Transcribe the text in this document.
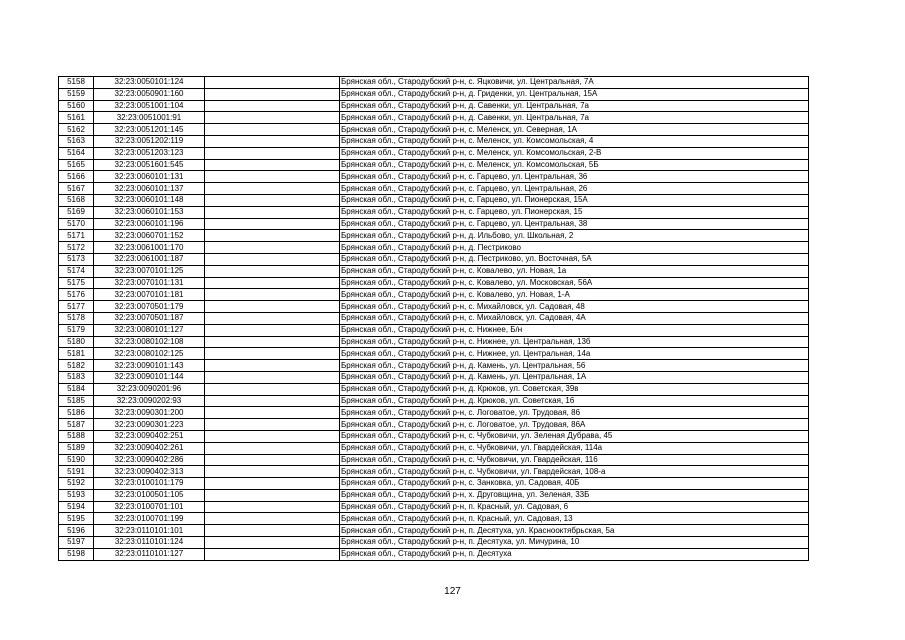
5158	32:23:0050101:124		Брянская обл., Стародубский р-н, с. Яцковичи, ул. Центральная, 7А
5159	32:23:0050901:160		Брянская обл., Стародубский р-н, д. Гриденки, ул. Центральная, 15А
5160	32:23:0051001:104		Брянская обл., Стародубский р-н, д. Савенки, ул. Центральная, 7а
5161	32:23:0051001:91		Брянская обл., Стародубский р-н, д. Савенки, ул. Центральная, 7а
5162	32:23:0051201:145		Брянская обл., Стародубский р-н, с. Меленск, ул. Северная, 1А
5163	32:23:0051202:119		Брянская обл., Стародубский р-н, с. Меленск, ул. Комсомольская, 4
5164	32:23:0051203:123		Брянская обл., Стародубский р-н, с. Меленск, ул. Комсомольская, 2-В
5165	32:23:0051601:545		Брянская обл., Стародубский р-н, с. Меленск, ул. Комсомольская, 5Б
5166	32:23:0060101:131		Брянская обл., Стародубский р-н, с. Гарцево, ул. Центральная, 36
5167	32:23:0060101:137		Брянская обл., Стародубский р-н, с. Гарцево, ул. Центральная, 26
5168	32:23:0060101:148		Брянская обл., Стародубский р-н, с. Гарцево, ул. Пионерская, 15А
5169	32:23:0060101:153		Брянская обл., Стародубский р-н, с. Гарцево, ул. Пионерская, 15
5170	32:23:0060101:196		Брянская обл., Стародубский р-н, с. Гарцево, ул. Центральная, 38
5171	32:23:0060701:152		Брянская обл., Стародубский р-н, д. Ильбово, ул. Школьная, 2
5172	32:23:0061001:170		Брянская обл., Стародубский р-н, д. Пестриково
5173	32:23:0061001:187		Брянская обл., Стародубский р-н, д. Пестриково, ул. Восточная, 5А
5174	32:23:0070101:125		Брянская обл., Стародубский р-н, с. Ковалево, ул. Новая, 1а
5175	32:23:0070101:131		Брянская обл., Стародубский р-н, с. Ковалево, ул. Московская, 56А
5176	32:23:0070101:181		Брянская обл., Стародубский р-н, с. Ковалево, ул. Новая, 1-А
5177	32:23:0070501:179		Брянская обл., Стародубский р-н, с. Михайловск, ул. Садовая, 48
5178	32:23:0070501:187		Брянская обл., Стародубский р-н, с. Михайловск, ул. Садовая, 4А
5179	32:23:0080101:127		Брянская обл., Стародубский р-н, с. Нижнее, Б/н
5180	32:23:0080102:108		Брянская обл., Стародубский р-н, с. Нижнее, ул. Центральная, 13б
5181	32:23:0080102:125		Брянская обл., Стародубский р-н, с. Нижнее, ул. Центральная, 14а
5182	32:23:0090101:143		Брянская обл., Стародубский р-н, д. Камень, ул. Центральная, 56
5183	32:23:0090101:144		Брянская обл., Стародубский р-н, д. Камень, ул. Центральная, 1А
5184	32:23:0090201:96		Брянская обл., Стародубский р-н, д. Крюков, ул. Советская, 39в
5185	32:23:0090202:93		Брянская обл., Стародубский р-н, д. Крюков, ул. Советская, 16
5186	32:23:0090301:200		Брянская обл., Стародубский р-н, с. Логоватое, ул. Трудовая, 86
5187	32:23:0090301:223		Брянская обл., Стародубский р-н, с. Логоватое, ул. Трудовая, 86А
5188	32:23:0090402:251		Брянская обл., Стародубский р-н, с. Чубковичи, ул. Зеленая Дубрава, 45
5189	32:23:0090402:261		Брянская обл., Стародубский р-н, с. Чубковичи, ул. Гвардейская, 114а
5190	32:23:0090402:286		Брянская обл., Стародубский р-н, с. Чубковичи, ул. Гвардейская, 116
5191	32:23:0090402:313		Брянская обл., Стародубский р-н, с. Чубковичи, ул. Гвардейская, 108-а
5192	32:23:0100101:179		Брянская обл., Стародубский р-н, с. Занковка, ул. Садовая, 40Б
5193	32:23:0100501:105		Брянская обл., Стародубский р-н, х. Друговщина, ул. Зеленая, 33Б
5194	32:23:0100701:101		Брянская обл., Стародубский р-н, п. Красный, ул. Садовая, 6
5195	32:23:0100701:199		Брянская обл., Стародубский р-н, п. Красный, ул. Садовая, 13
5196	32:23:0110101:101		Брянская обл., Стародубский р-н, п. Десятуха, ул. Краснооктябрьская, 5а
5197	32:23:0110101:124		Брянская обл., Стародубский р-н, п. Десятуха, ул. Мичурина, 10
5198	32:23:0110101:127		Брянская обл., Стародубский р-н, п. Десятуха
127
